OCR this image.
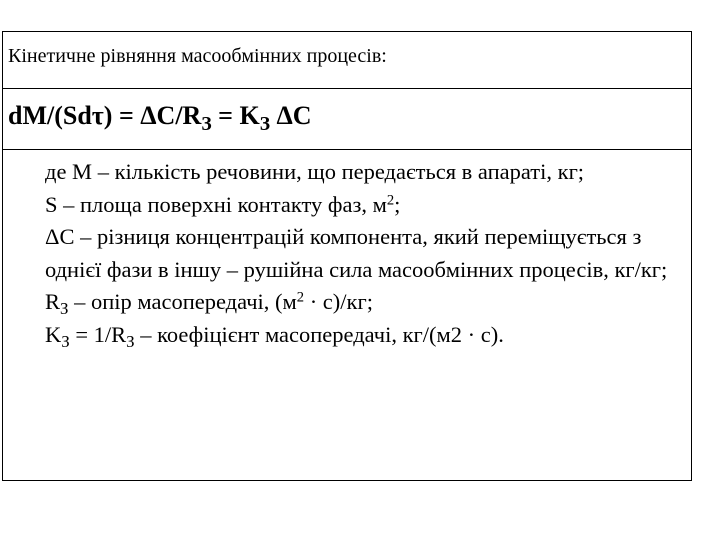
Кінетичне рівняння масообмінних процесів:
$dM/(Sd\tau) = \Delta C/R_З = K_З$ ΔC

де М – кількість речовини, що передається в апараті, кг;

S – площа поверхні контакту фаз, $м^2$;

ΔC – різниця концентрацій компонента, який переміщується з однієї фази в іншу – рушійна сила масообмінних процесів, кг/кг;

$R_З$ – опір масопередачі, $(м^2 \cdot с)/кг$;

$K_З = 1/R_З$ – коефіцієнт масопередачі, кг/(м2 · с).
